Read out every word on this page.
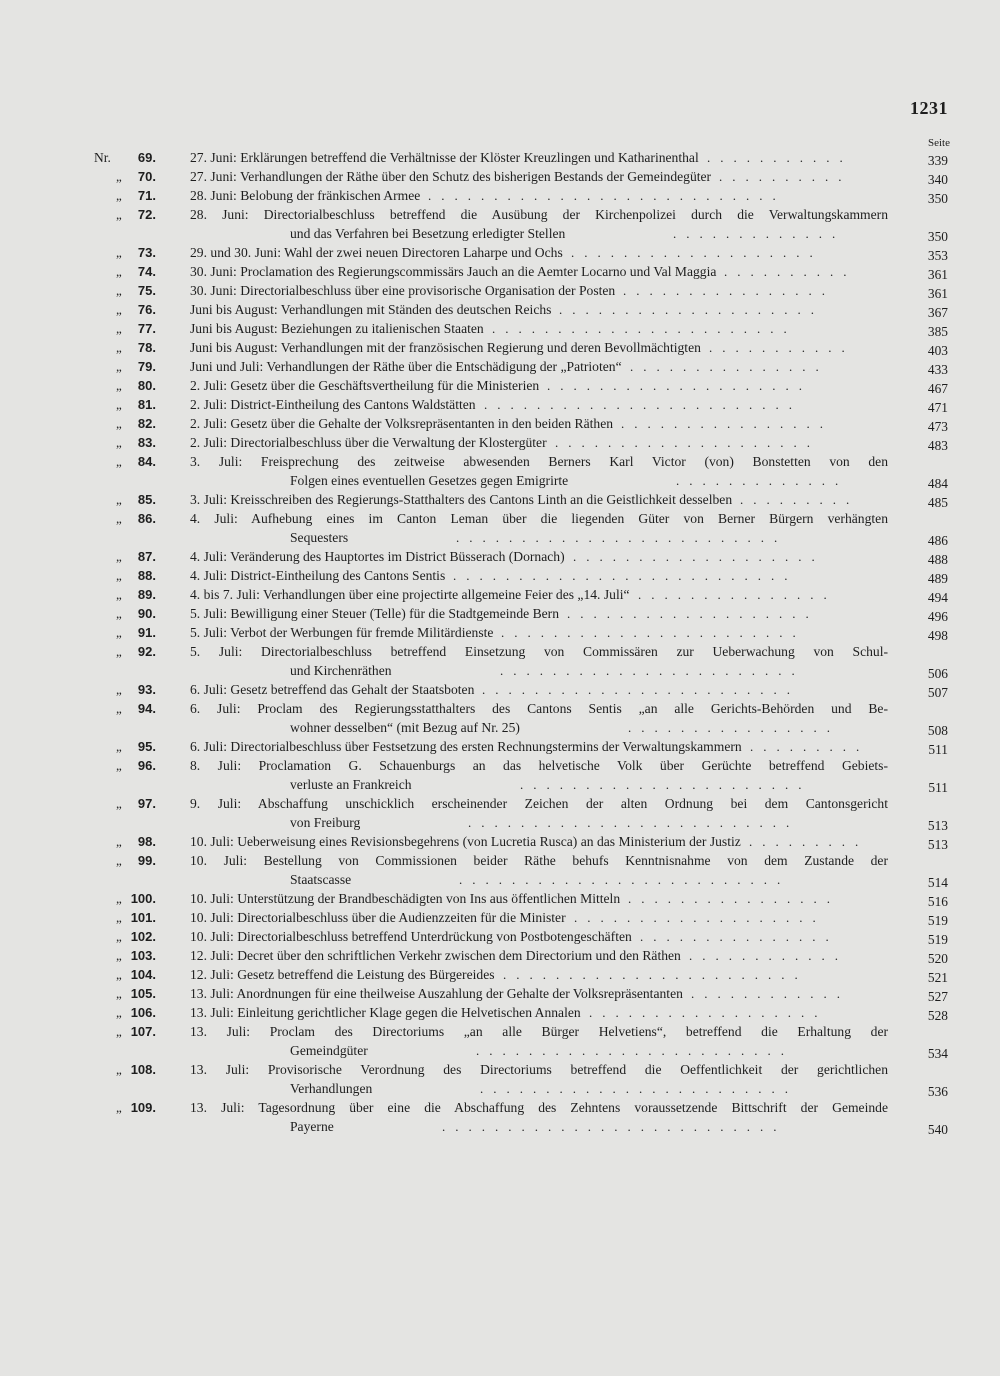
1231
Seite
Nr.	69.	27. Juni: Erklärungen betreffend die Verhältnisse der Klöster Kreuzlingen und Katharinenthal ...........	339
„	70.	27. Juni: Verhandlungen der Räthe über den Schutz des bisherigen Bestands der Gemeindegüter ..........	340
„	71.	28. Juni: Belobung der fränkischen Armee ...........................	350
„	72.	28. Juni: Directorialbeschluss betreffend die Ausübung der Kirchenpolizei durch die Verwaltungskammern
und das Verfahren bei Besetzung erledigter Stellen	.............	350
„	73.	29. und 30. Juni: Wahl der zwei neuen Directoren Laharpe und Ochs ...................	353
„	74.	30. Juni: Proclamation des Regierungscommissärs Jauch an die Aemter Locarno und Val Maggia ..........	361
„	75.	30. Juni: Directorialbeschluss über eine provisorische Organisation der Posten ................	361
„	76.	Juni bis August: Verhandlungen mit Ständen des deutschen Reichs ....................	367
„	77.	Juni bis August: Beziehungen zu italienischen Staaten .......................	385
„	78.	Juni bis August: Verhandlungen mit der französischen Regierung und deren Bevollmächtigten ...........	403
„	79.	Juni und Juli: Verhandlungen der Räthe über die Entschädigung der „Patrioten“ ...............	433
„	80.	2. Juli: Gesetz über die Geschäftsvertheilung für die Ministerien ....................	467
„	81.	2. Juli: District-Eintheilung des Cantons Waldstätten ........................	471
„	82.	2. Juli: Gesetz über die Gehalte der Volksrepräsentanten in den beiden Räthen ................	473
„	83.	2. Juli: Directorialbeschluss über die Verwaltung der Klostergüter ....................	483
„	84.	3. Juli: Freisprechung des zeitweise abwesenden Berners Karl Victor (von) Bonstetten von den
Folgen eines eventuellen Gesetzes gegen Emigrirte	.............	484
„	85.	3. Juli: Kreisschreiben des Regierungs-Statthalters des Cantons Linth an die Geistlichkeit desselben .........	485
„	86.	4. Juli: Aufhebung eines im Canton Leman über die liegenden Güter von Berner Bürgern verhängten
Sequesters	.........................	486
„	87.	4. Juli: Veränderung des Hauptortes im District Büsserach (Dornach) ...................	488
„	88.	4. Juli: District-Eintheilung des Cantons Sentis ..........................	489
„	89.	4. bis 7. Juli: Verhandlungen über eine projectirte allgemeine Feier des „14. Juli“ ...............	494
„	90.	5. Juli: Bewilligung einer Steuer (Telle) für die Stadtgemeinde Bern ...................	496
„	91.	5. Juli: Verbot der Werbungen für fremde Militärdienste .......................	498
„	92.	5. Juli: Directorialbeschluss betreffend Einsetzung von Commissären zur Ueberwachung von Schul-
und Kirchenräthen	.......................	506
„	93.	6. Juli: Gesetz betreffend das Gehalt der Staatsboten ........................	507
„	94.	6. Juli: Proclam des Regierungsstatthalters des Cantons Sentis „an alle Gerichts-Behörden und Be-
wohner desselben“ (mit Bezug auf Nr. 25)	................	508
„	95.	6. Juli: Directorialbeschluss über Festsetzung des ersten Rechnungstermins der Verwaltungskammern .........	511
„	96.	8. Juli: Proclamation G. Schauenburgs an das helvetische Volk über Gerüchte betreffend Gebiets-
verluste an Frankreich	......................	511
„	97.	9. Juli: Abschaffung unschicklich erscheinender Zeichen der alten Ordnung bei dem Cantonsgericht
von Freiburg	.........................	513
„	98.	10. Juli: Ueberweisung eines Revisionsbegehrens (von Lucretia Rusca) an das Ministerium der Justiz .........	513
„	99.	10. Juli: Bestellung von Commissionen beider Räthe behufs Kenntnisnahme von dem Zustande der
Staatscasse	.........................	514
„ 100.	10. Juli: Unterstützung der Brandbeschädigten von Ins aus öffentlichen Mitteln ................	516
„ 101.	10. Juli: Directorialbeschluss über die Audienzzeiten für die Minister ...................	519
„ 102.	10. Juli: Directorialbeschluss betreffend Unterdrückung von Postbotengeschäften ...............	519
„ 103.	12. Juli: Decret über den schriftlichen Verkehr zwischen dem Directorium und den Räthen ............	520
„ 104.	12. Juli: Gesetz betreffend die Leistung des Bürgereides .......................	521
„ 105.	13. Juli: Anordnungen für eine theilweise Auszahlung der Gehalte der Volksrepräsentanten ............	527
„ 106.	13. Juli: Einleitung gerichtlicher Klage gegen die Helvetischen Annalen ..................	528
„ 107.	13. Juli: Proclam des Directoriums „an alle Bürger Helvetiens“, betreffend die Erhaltung der
Gemeindgüter	........................	534
„ 108.	13. Juli: Provisorische Verordnung des Directoriums betreffend die Oeffentlichkeit der gerichtlichen
Verhandlungen	........................	536
„ 109.	13. Juli: Tagesordnung über eine die Abschaffung des Zehntens voraussetzende Bittschrift der Gemeinde
Payerne	..........................	540
